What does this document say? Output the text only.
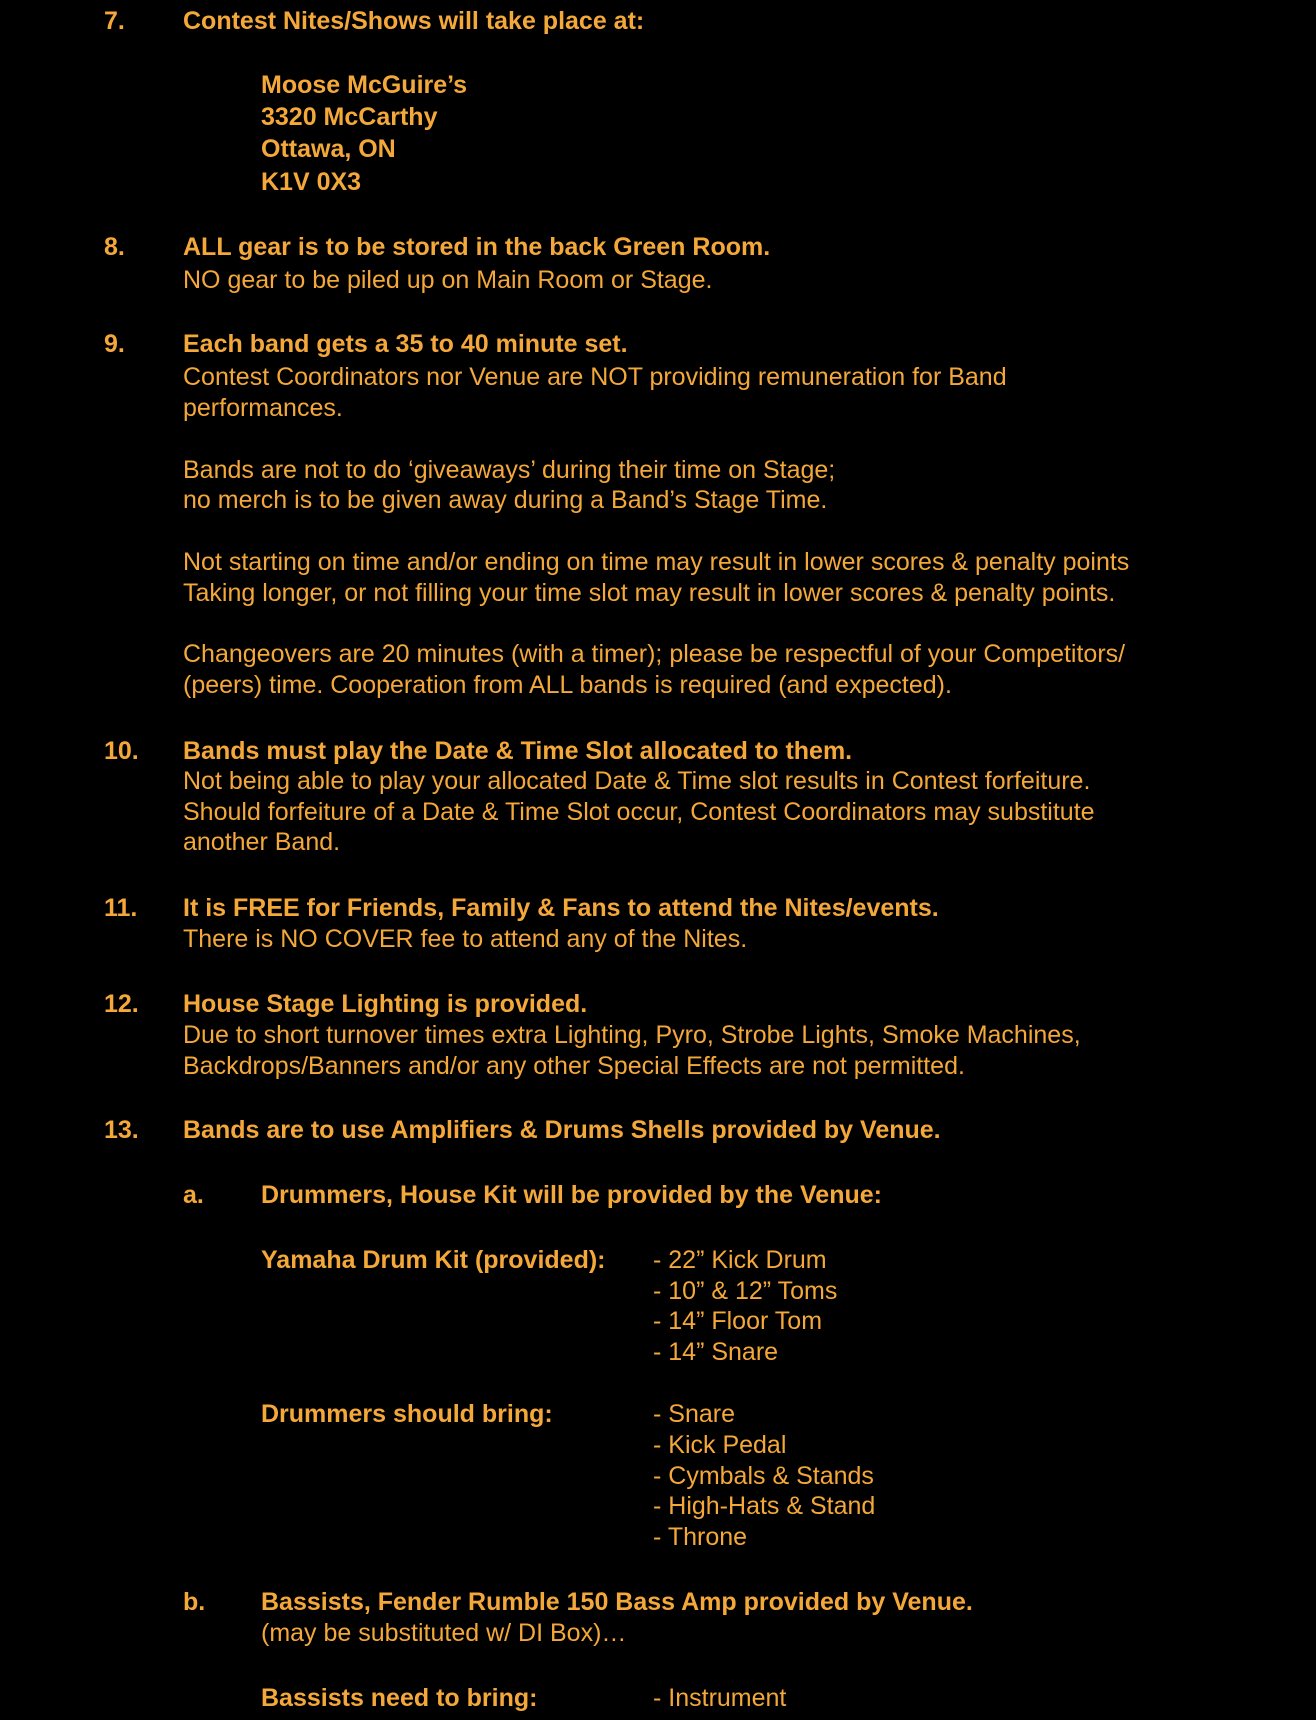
7. Contest Nites/Shows will take place at:

Moose McGuire’s

3320 McCarthy

Ottawa, ON

K1V 0X3

8. ALL gear is to be stored in the back Green Room.

NO gear to be piled up on Main Room or Stage.

9. Each band gets a 35 to 40 minute set.

Contest Coordinators nor Venue are NOT providing remuneration for Band

performances.

Bands are not to do ‘giveaways’ during their time on Stage;

no merch is to be given away during a Band’s Stage Time.

Not starting on time and/or ending on time may result in lower scores & penalty points

Taking longer, or not filling your time slot may result in lower scores & penalty points.

Changeovers are 20 minutes (with a timer); please be respectful of your Competitors/

(peers) time. Cooperation from ALL bands is required (and expected).

10. Bands must play the Date & Time Slot allocated to them.

Not being able to play your allocated Date & Time slot results in Contest forfeiture.

Should forfeiture of a Date & Time Slot occur, Contest Coordinators may substitute

another Band.

11. It is FREE for Friends, Family & Fans to attend the Nites/events.

There is NO COVER fee to attend any of the Nites.

12. House Stage Lighting is provided.

Due to short turnover times extra Lighting, Pyro, Strobe Lights, Smoke Machines,

Backdrops/Banners and/or any other Special Effects are not permitted.

13. Bands are to use Amplifiers & Drums Shells provided by Venue.

a. Drummers, House Kit will be provided by the Venue:

Yamaha Drum Kit (provided): - 22” Kick Drum

- 10” & 12” Toms

- 14” Floor Tom

- 14” Snare

Drummers should bring:	- Snare

- Kick Pedal

- Cymbals & Stands

- High-Hats & Stand

- Throne

b. Bassists, Fender Rumble 150 Bass Amp provided by Venue.

(may be substituted w/ DI Box)…

Bassists need to bring:	- Instrument
